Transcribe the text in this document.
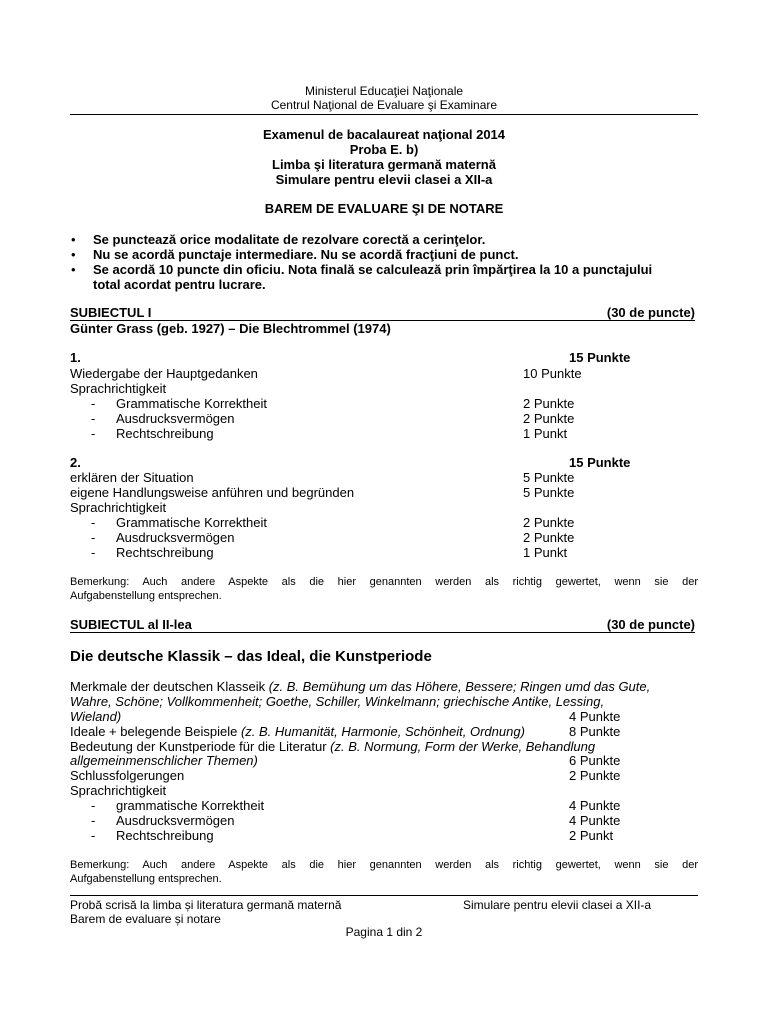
Ministerul Educaţiei Naţionale
Centrul Naţional de Evaluare şi Examinare
Examenul de bacalaureat naţional 2014
Proba E. b)
Limba şi literatura germană maternă
Simulare pentru elevii clasei a XII-a
BAREM DE EVALUARE ŞI DE NOTARE
• Se punctează orice modalitate de rezolvare corectă a cerinţelor.
• Nu se acordă punctaje intermediare. Nu se acordă fracţiuni de punct.
• Se acordă 10 puncte din oficiu. Nota finală se calculează prin împărţirea la 10 a punctajului
total acordat pentru lucrare.
SUBIECTUL I	(30 de puncte)
Günter Grass (geb. 1927) – Die Blechtrommel (1974)
1.	15 Punkte
Wiedergabe der Hauptgedanken	10 Punkte
Sprachrichtigkeit
- Grammatische Korrektheit	2 Punkte
- Ausdrucksvermögen	2 Punkte
- Rechtschreibung	1 Punkt
2.	15 Punkte
erklären der Situation	5 Punkte
eigene Handlungsweise anführen und begründen	5 Punkte
Sprachrichtigkeit
- Grammatische Korrektheit	2 Punkte
- Ausdrucksvermögen	2 Punkte
- Rechtschreibung	1 Punkt
Bemerkung: Auch andere Aspekte als die hier genannten werden als richtig gewertet, wenn sie der
Aufgabenstellung entsprechen.
SUBIECTUL al II-lea	(30 de puncte)
Die deutsche Klassik – das Ideal, die Kunstperiode
Merkmale der deutschen Klasseik (z. B. Bemühung um das Höhere, Bessere; Ringen umd das Gute,
Wahre, Schöne; Vollkommenheit; Goethe, Schiller, Winkelmann; griechische Antike, Lessing,
Wieland)	4 Punkte
Ideale + belegende Beispiele (z. B. Humanität, Harmonie, Schönheit, Ordnung)	8 Punkte
Bedeutung der Kunstperiode für die Literatur (z. B. Normung, Form der Werke, Behandlung
allgemeinmenschlicher Themen)	6 Punkte
Schlussfolgerungen	2 Punkte
Sprachrichtigkeit
- grammatische Korrektheit	4 Punkte
- Ausdrucksvermögen	4 Punkte
- Rechtschreibung	2 Punkt
Bemerkung: Auch andere Aspekte als die hier genannten werden als richtig gewertet, wenn sie der
Aufgabenstellung entsprechen.
Probă scrisă la limba și literatura germană maternă	Simulare pentru elevii clasei a XII-a
Barem de evaluare și notare
Pagina 1 din 2
